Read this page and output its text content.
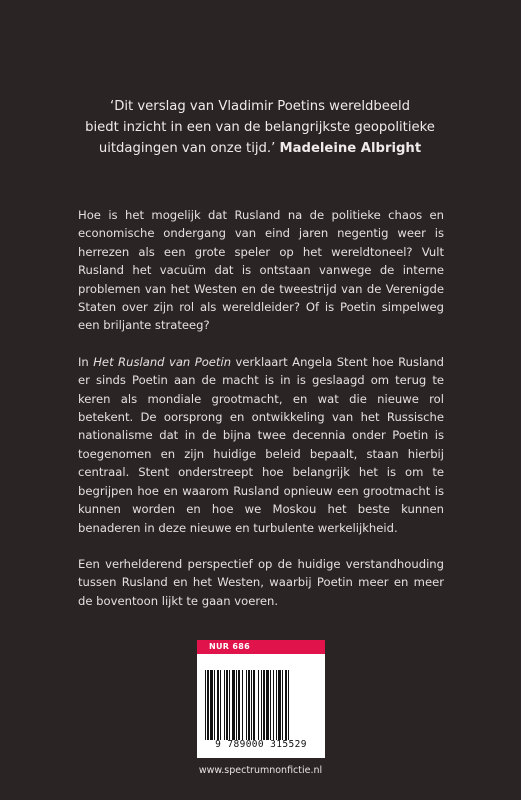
‘Dit verslag van Vladimir Poetins wereldbeeld
biedt inzicht in een van de belangrijkste geopolitieke
uitdagingen van onze tijd.’ Madeleine Albright

Hoe is het mogelijk dat Rusland na de politieke chaos en economische ondergang van eind jaren negentig weer is herrezen als een grote speler op het wereldtoneel? Vult Rusland het vacuüm dat is ontstaan vanwege de interne problemen van het Westen en de tweestrijd van de Verenigde Staten over zijn rol als wereldleider? Of is Poetin simpelweg een briljante strateeg?

In Het Rusland van Poetin verklaart Angela Stent hoe Rusland er sinds Poetin aan de macht is in is geslaagd om terug te keren als mondiale grootmacht, en wat die nieuwe rol betekent. De oorsprong en ontwikkeling van het Russische nationalisme dat in de bijna twee decennia onder Poetin is toegenomen en zijn huidige beleid bepaalt, staan hierbij centraal. Stent onderstreept hoe belangrijk het is om te begrijpen hoe en waarom Rusland opnieuw een grootmacht is kunnen worden en hoe we Moskou het beste kunnen benaderen in deze nieuwe en turbulente werkelijkheid.

Een verhelderend perspectief op de huidige verstandhouding tussen Rusland en het Westen, waarbij Poetin meer en meer de boventoon lijkt te gaan voeren.

NUR 686
9 789000 315529
www.spectrumnonfictie.nl
